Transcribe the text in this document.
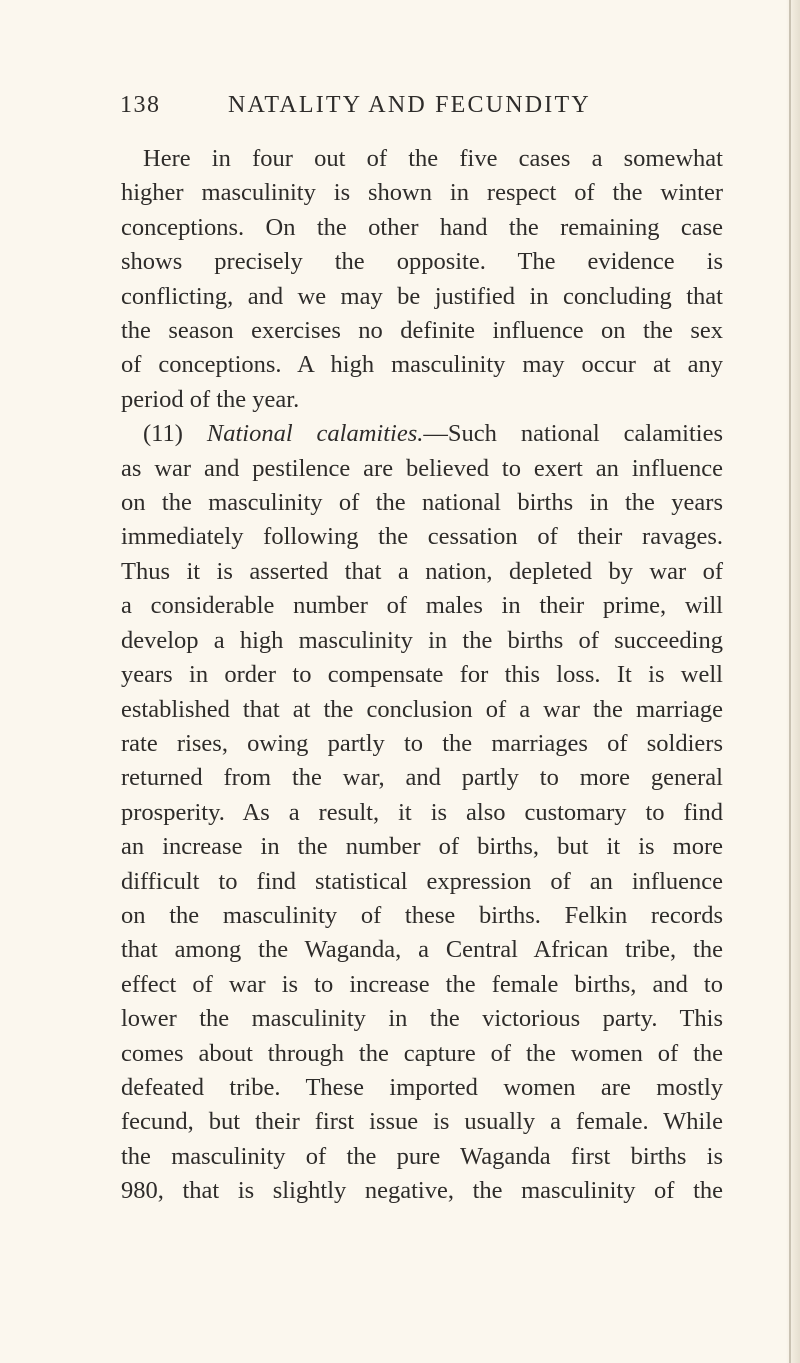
138	NATALITY AND FECUNDITY
Here in four out of the five cases a somewhat
higher masculinity is shown in respect of the winter
conceptions. On the other hand the remaining case
shows precisely the opposite. The evidence is
conflicting, and we may be justified in concluding that
the season exercises no definite influence on the sex
of conceptions. A high masculinity may occur at any
period of the year.
(11) National calamities.—Such national calamities
as war and pestilence are believed to exert an influence
on the masculinity of the national births in the years
immediately following the cessation of their ravages.
Thus it is asserted that a nation, depleted by war of
a considerable number of males in their prime, will
develop a high masculinity in the births of succeeding
years in order to compensate for this loss. It is well
established that at the conclusion of a war the marriage
rate rises, owing partly to the marriages of soldiers
returned from the war, and partly to more general
prosperity. As a result, it is also customary to find
an increase in the number of births, but it is more
difficult to find statistical expression of an influence
on the masculinity of these births. Felkin records
that among the Waganda, a Central African tribe, the
effect of war is to increase the female births, and to
lower the masculinity in the victorious party. This
comes about through the capture of the women of the
defeated tribe. These imported women are mostly
fecund, but their first issue is usually a female. While
the masculinity of the pure Waganda first births is
980, that is slightly negative, the masculinity of the
